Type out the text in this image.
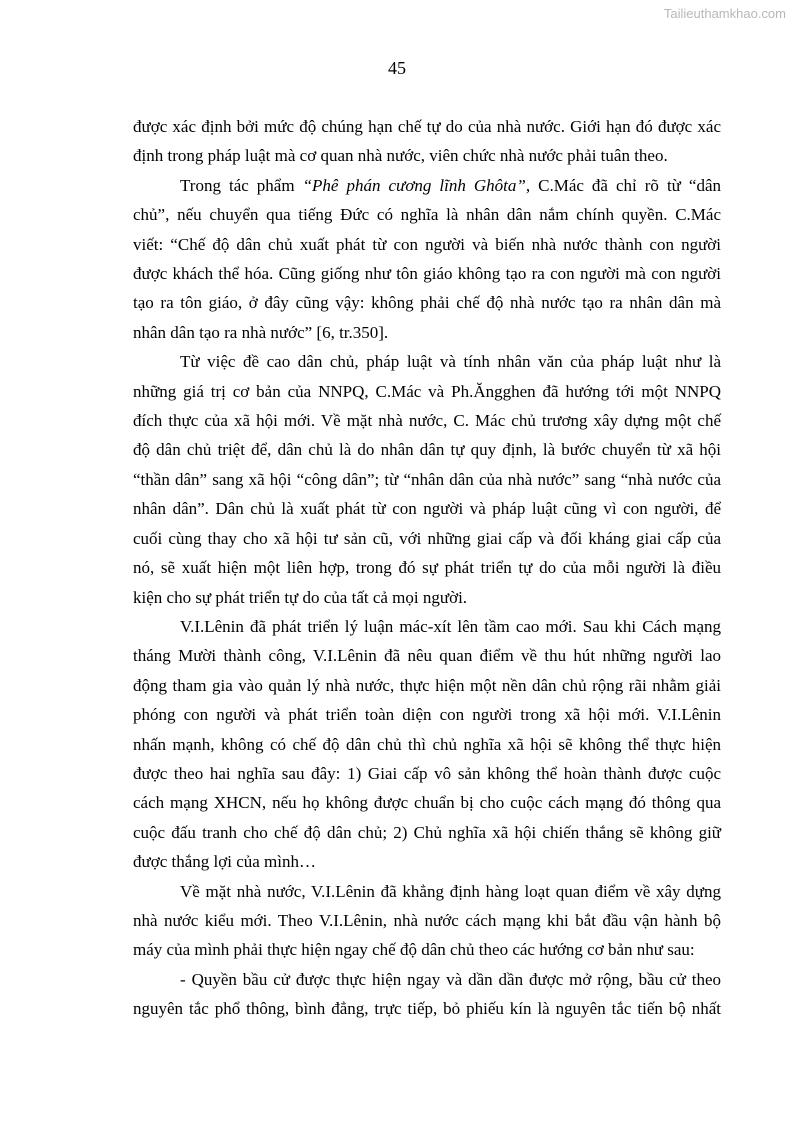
Tailieuthamkhao.com
45
được xác định bởi mức độ chúng hạn chế tự do của nhà nước. Giới hạn đó được xác
định trong pháp luật mà cơ quan nhà nước, viên chức nhà nước phải tuân theo.
Trong tác phẩm “Phê phán cương lĩnh Ghôta”, C.Mác đã chỉ rõ từ “dân
chủ”, nếu chuyển qua tiếng Đức có nghĩa là nhân dân nắm chính quyền. C.Mác
viết: “Chế độ dân chủ xuất phát từ con người và biến nhà nước thành con người
được khách thể hóa. Cũng giống như tôn giáo không tạo ra con người mà con người
tạo ra tôn giáo, ở đây cũng vậy: không phải chế độ nhà nước tạo ra nhân dân mà
nhân dân tạo ra nhà nước” [6, tr.350].
Từ việc đề cao dân chủ, pháp luật và tính nhân văn của pháp luật như là
những giá trị cơ bản của NNPQ, C.Mác và Ph.Ăngghen đã hướng tới một NNPQ
đích thực của xã hội mới. Về mặt nhà nước, C. Mác chủ trương xây dựng một chế
độ dân chủ triệt để, dân chủ là do nhân dân tự quy định, là bước chuyển từ xã hội
“thần dân” sang xã hội “công dân”; từ “nhân dân của nhà nước” sang “nhà nước của
nhân dân”. Dân chủ là xuất phát từ con người và pháp luật cũng vì con người, để
cuối cùng thay cho xã hội tư sản cũ, với những giai cấp và đối kháng giai cấp của
nó, sẽ xuất hiện một liên hợp, trong đó sự phát triển tự do của mỗi người là điều
kiện cho sự phát triển tự do của tất cả mọi người.
V.I.Lênin đã phát triển lý luận mác-xít lên tầm cao mới. Sau khi Cách mạng
tháng Mười thành công, V.I.Lênin đã nêu quan điểm về thu hút những người lao
động tham gia vào quản lý nhà nước, thực hiện một nền dân chủ rộng rãi nhằm giải
phóng con người và phát triển toàn diện con người trong xã hội mới. V.I.Lênin
nhấn mạnh, không có chế độ dân chủ thì chủ nghĩa xã hội sẽ không thể thực hiện
được theo hai nghĩa sau đây: 1) Giai cấp vô sản không thể hoàn thành được cuộc
cách mạng XHCN, nếu họ không được chuẩn bị cho cuộc cách mạng đó thông qua
cuộc đấu tranh cho chế độ dân chủ; 2) Chủ nghĩa xã hội chiến thắng sẽ không giữ
được thắng lợi của mình…
Về mặt nhà nước, V.I.Lênin đã khẳng định hàng loạt quan điểm về xây dựng
nhà nước kiểu mới. Theo V.I.Lênin, nhà nước cách mạng khi bắt đầu vận hành bộ
máy của mình phải thực hiện ngay chế độ dân chủ theo các hướng cơ bản như sau:
- Quyền bầu cử được thực hiện ngay và dần dần được mở rộng, bầu cử theo
nguyên tắc phổ thông, bình đẳng, trực tiếp, bỏ phiếu kín là nguyên tắc tiến bộ nhất
